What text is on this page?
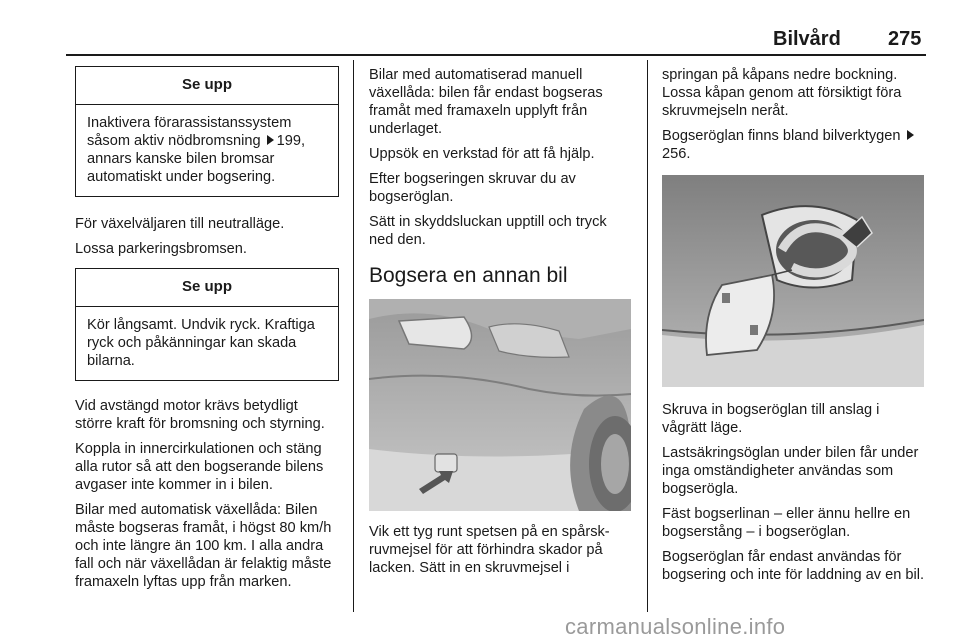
Bilvård 275
Se upp
Inaktivera förarassistanssystem såsom aktiv nödbromsning 199, annars kanske bilen bromsar automatiskt under bogsering.

För växelväljaren till neutralläge.

Lossa parkeringsbromsen.

Se upp
Kör långsamt. Undvik ryck. Kraftiga ryck och påkänningar kan skada bilarna.

Vid avstängd motor krävs betydligt större kraft för bromsning och styrning.

Koppla in innercirkulationen och stäng alla rutor så att den bogserande bilens avgaser inte kommer in i bilen.

Bilar med automatisk växellåda: Bilen måste bogseras framåt, i högst 80 km/h och inte längre än 100 km. I alla andra fall och när växellådan är felaktig måste framaxeln lyftas upp från marken.

Bilar med automatiserad manuell växellåda: bilen får endast bogseras framåt med framaxeln upplyft från underlaget.

Uppsök en verkstad för att få hjälp.

Efter bogseringen skruvar du av bogseröglan.

Sätt in skyddsluckan upptill och tryck ned den.

Bogsera en annan bil

Vik ett tyg runt spetsen på en spårskruvmejsel för att förhindra skador på lacken. Sätt in en skruvmejsel i

springan på kåpans nedre bockning. Lossa kåpan genom att försiktigt föra skruvmejseln neråt.

Bogseröglan finns bland bilverktygen 256.

Skruva in bogseröglan till anslag i vågrätt läge.

Lastsäkringsöglan under bilen får under inga omständigheter användas som bogserögla.

Fäst bogserlinan – eller ännu hellre en bogserstång – i bogseröglan.

Bogseröglan får endast användas för bogsering och inte för laddning av en bil.

carmanualsonline.info
